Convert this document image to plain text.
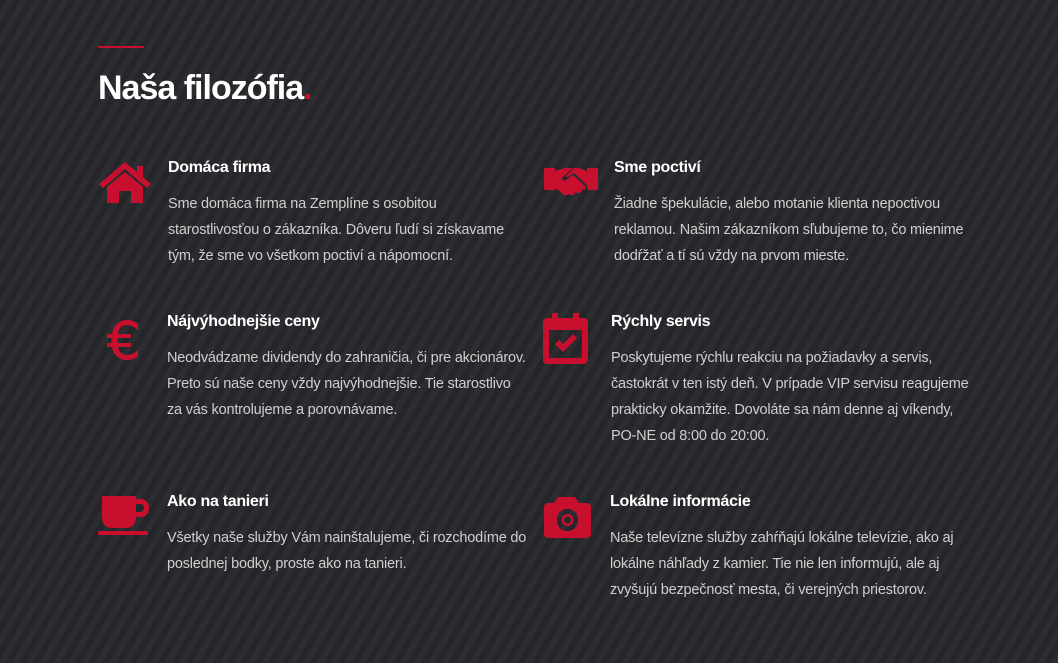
Naša filozófia.
Domáca firma

Sme domáca firma na Zemplíne s osobitou starostlivosťou o zákazníka. Dôveru ľudí si získavame tým, že sme vo všetkom poctiví a nápomocní.

Sme poctiví

Žiadne špekulácie, alebo motanie klienta nepoctivou reklamou. Našim zákazníkom sľubujeme to, čo mienime dodŕžať a tí sú vždy na prvom mieste.

Nájvýhodnejšie ceny

Neodvádzame dividendy do zahraničia, či pre akcionárov. Preto sú naše ceny vždy najvýhodnejšie. Tie starostlivo za vás kontrolujeme a porovnávame.

Rýchly servis

Poskytujeme rýchlu reakciu na požiadavky a servis, častokrát v ten istý deň. V prípade VIP servisu reagujeme prakticky okamžite. Dovoláte sa nám denne aj víkendy, PO-NE od 8:00 do 20:00.

Ako na tanieri

Všetky naše služby Vám nainštalujeme, či rozchodíme do poslednej bodky, proste ako na tanieri.

Lokálne informácie

Naše televízne služby zahŕňajú lokálne televízie, ako aj lokálne náhľady z kamier. Tie nie len informujú, ale aj zvyšujú bezpečnosť mesta, či verejných priestorov.
